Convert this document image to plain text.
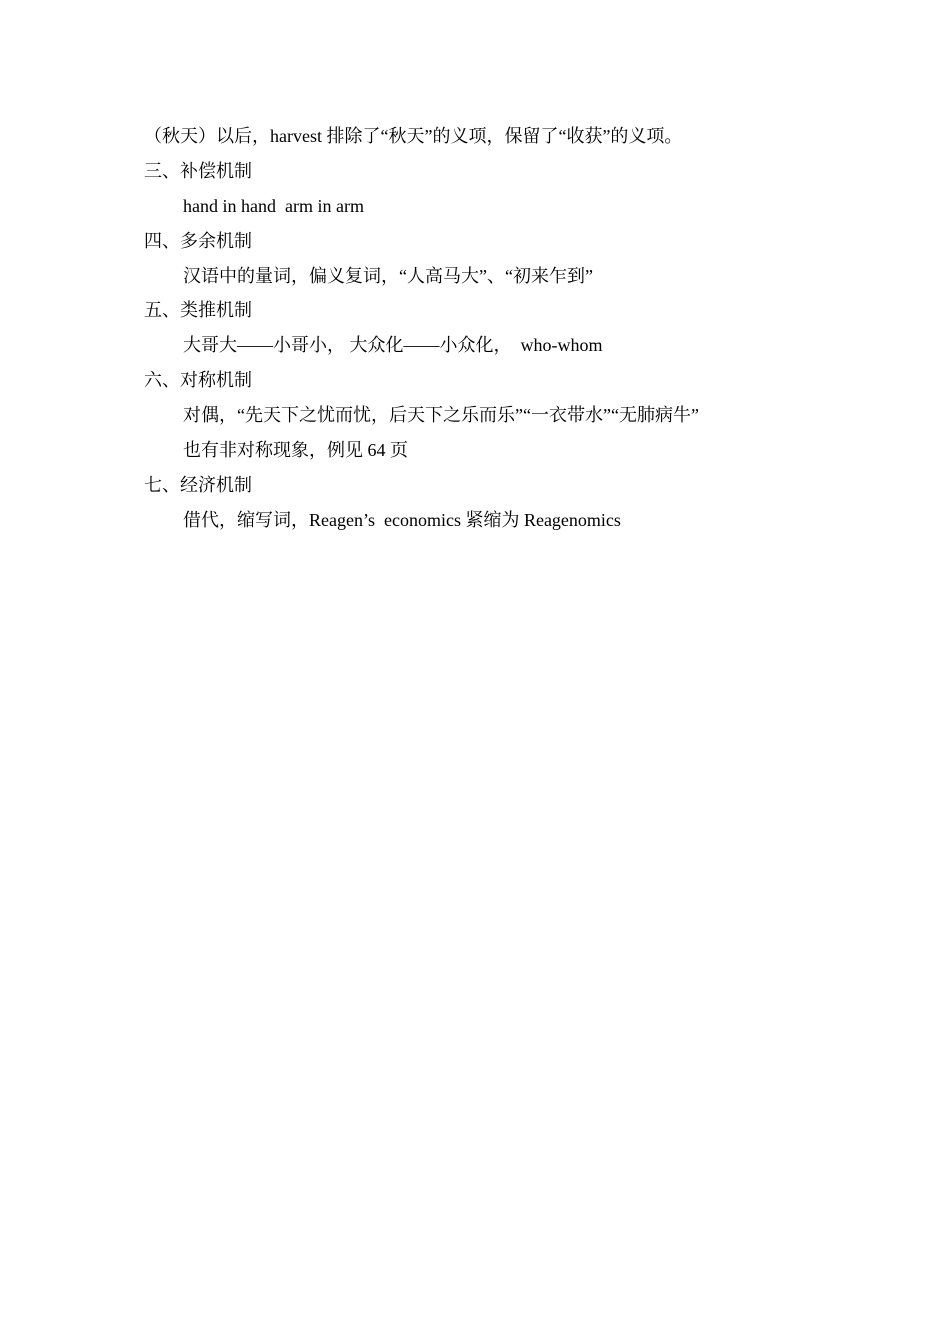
（秋天）以后，harvest 排除了“秋天”的义项，保留了“收获”的义项。
三、补偿机制
hand in hand  arm in arm
四、多余机制
汉语中的量词，偏义复词，“人高马大”、“初来乍到”
五、类推机制
大哥大——小哥小， 大众化——小众化，  who-whom
六、对称机制
对偶，“先天下之忧而忧，后天下之乐而乐”“一衣带水”“无肺病牛”
也有非对称现象，例见 64 页
七、经济机制
借代，缩写词，Reagen’s  economics 紧缩为 Reagenomics
